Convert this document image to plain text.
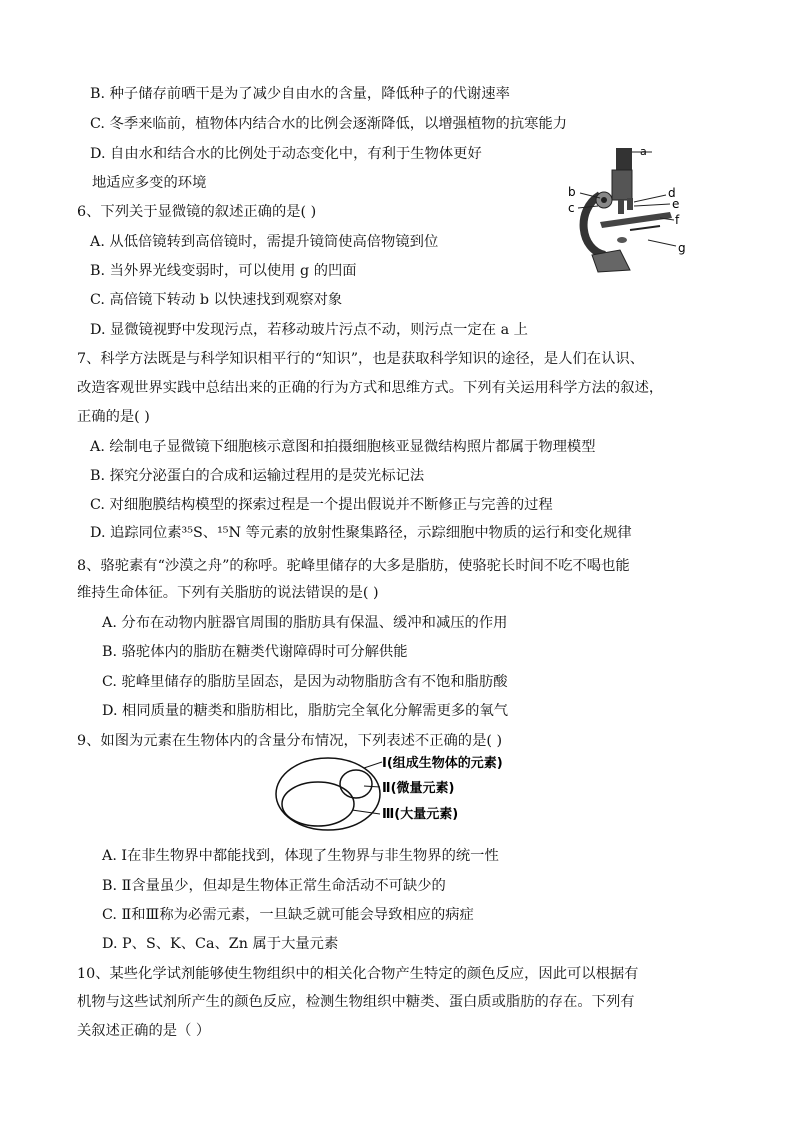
B. 种子储存前晒干是为了减少自由水的含量，降低种子的代谢速率
C. 冬季来临前，植物体内结合水的比例会逐渐降低，以增强植物的抗寒能力
D. 自由水和结合水的比例处于动态变化中，有利于生物体更好
地适应多变的环境
6、下列关于显微镜的叙述正确的是( )
A. 从低倍镜转到高倍镜时，需提升镜筒使高倍物镜到位
B. 当外界光线变弱时，可以使用 g 的凹面
C. 高倍镜下转动 b 以快速找到观察对象
D. 显微镜视野中发现污点，若移动玻片污点不动，则污点一定在 a 上
a
b
c
d
e
f
g
7、科学方法既是与科学知识相平行的“知识”，也是获取科学知识的途径，是人们在认识、
改造客观世界实践中总结出来的正确的行为方式和思维方式。下列有关运用科学方法的叙述，
正确的是( )
A. 绘制电子显微镜下细胞核示意图和拍摄细胞核亚显微结构照片都属于物理模型
B. 探究分泌蛋白的合成和运输过程用的是荧光标记法
C. 对细胞膜结构模型的探索过程是一个提出假说并不断修正与完善的过程
D. 追踪同位素³⁵S、¹⁵N 等元素的放射性聚集路径，示踪细胞中物质的运行和变化规律
8、骆驼素有“沙漠之舟”的称呼。驼峰里储存的大多是脂肪，使骆驼长时间不吃不喝也能
维持生命体征。下列有关脂肪的说法错误的是( )
A. 分布在动物内脏器官周围的脂肪具有保温、缓冲和减压的作用
B. 骆驼体内的脂肪在糖类代谢障碍时可分解供能
C. 驼峰里储存的脂肪呈固态，是因为动物脂肪含有不饱和脂肪酸
D. 相同质量的糖类和脂肪相比，脂肪完全氧化分解需更多的氧气
9、如图为元素在生物体内的含量分布情况，下列表述不正确的是( )
Ⅰ(组成生物体的元素)
Ⅱ(微量元素)
Ⅲ(大量元素)
A. Ⅰ在非生物界中都能找到，体现了生物界与非生物界的统一性
B. Ⅱ含量虽少，但却是生物体正常生命活动不可缺少的
C. Ⅱ和Ⅲ称为必需元素，一旦缺乏就可能会导致相应的病症
D. P、S、K、Ca、Zn 属于大量元素
10、某些化学试剂能够使生物组织中的相关化合物产生特定的颜色反应，因此可以根据有
机物与这些试剂所产生的颜色反应，检测生物组织中糖类、蛋白质或脂肪的存在。下列有
关叙述正确的是（ ）
